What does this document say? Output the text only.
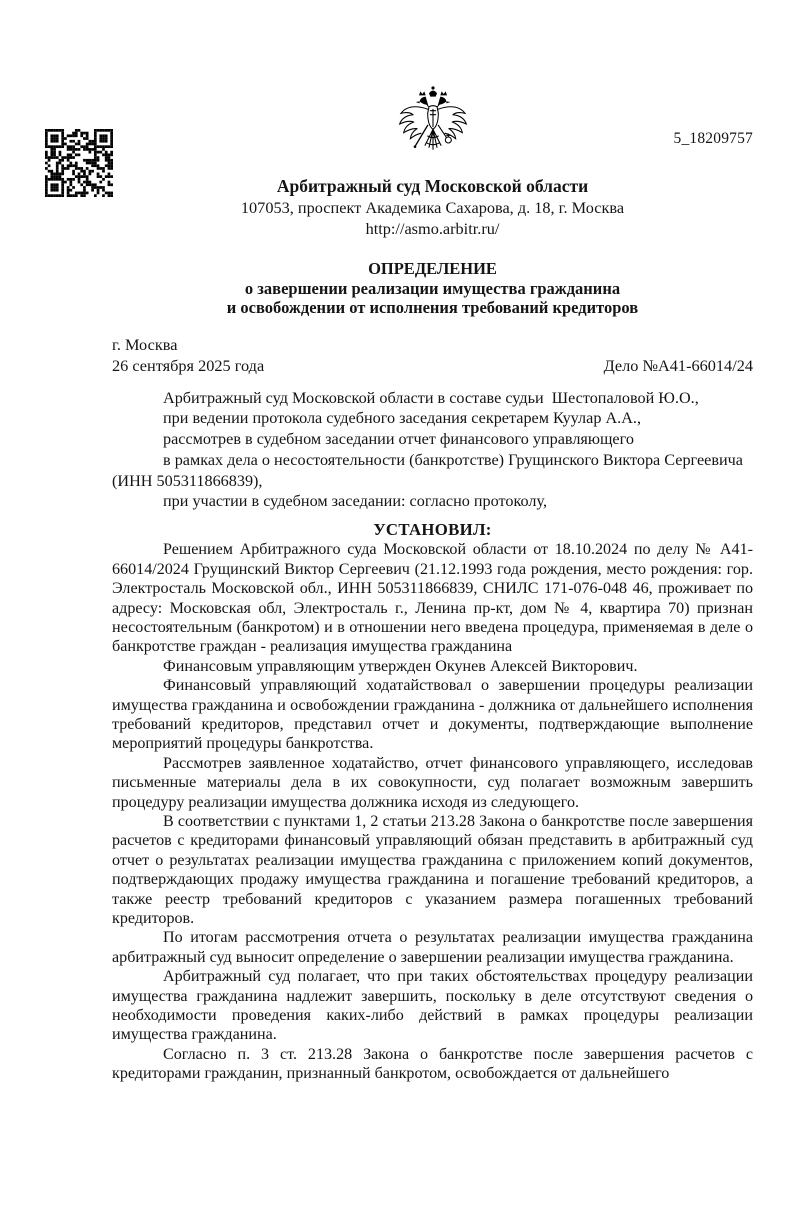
5_18209757
Арбитражный суд Московской области
107053, проспект Академика Сахарова, д. 18, г. Москва
http://asmo.arbitr.ru/
ОПРЕДЕЛЕНИЕ
о завершении реализации имущества гражданина
и освобождении от исполнения требований кредиторов
г. Москва
26 сентября 2025 года	Дело №А41-66014/24

Арбитражный суд Московской области в составе судьи  Шестопаловой Ю.О.,

при ведении протокола судебного заседания секретарем Куулар А.А.,

рассмотрев в судебном заседании отчет финансового управляющего

в рамках дела о несостоятельности (банкротстве) Грущинского Виктора Сергеевича (ИНН 505311866839),

при участии в судебном заседании: согласно протоколу,

УСТАНОВИЛ:

Решением Арбитражного суда Московской области от 18.10.2024 по делу № А41-66014/2024 Грущинский Виктор Сергеевич (21.12.1993 года рождения, место рождения: гор. Электросталь Московской обл., ИНН 505311866839, СНИЛС 171-076-048 46, проживает по адресу: Московская обл, Электросталь г., Ленина пр-кт, дом № 4, квартира 70) признан несостоятельным (банкротом) и в отношении него введена процедура, применяемая в деле о банкротстве граждан - реализация имущества гражданина

Финансовым управляющим утвержден Окунев Алексей Викторович.

Финансовый управляющий ходатайствовал о завершении процедуры реализации имущества гражданина и освобождении гражданина - должника от дальнейшего исполнения требований кредиторов, представил отчет и документы, подтверждающие выполнение мероприятий процедуры банкротства.

Рассмотрев заявленное ходатайство, отчет финансового управляющего, исследовав письменные материалы дела в их совокупности, суд полагает возможным завершить процедуру реализации имущества должника исходя из следующего.

В соответствии с пунктами 1, 2 статьи 213.28 Закона о банкротстве после завершения расчетов с кредиторами финансовый управляющий обязан представить в арбитражный суд отчет о результатах реализации имущества гражданина с приложением копий документов, подтверждающих продажу имущества гражданина и погашение требований кредиторов, а также реестр требований кредиторов с указанием размера погашенных требований кредиторов.

По итогам рассмотрения отчета о результатах реализации имущества гражданина арбитражный суд выносит определение о завершении реализации имущества гражданина.

Арбитражный суд полагает, что при таких обстоятельствах процедуру реализации имущества гражданина надлежит завершить, поскольку в деле отсутствуют сведения о необходимости проведения каких-либо действий в рамках процедуры реализации имущества гражданина.

Согласно п. 3 ст. 213.28 Закона о банкротстве после завершения расчетов с кредиторами гражданин, признанный банкротом, освобождается от дальнейшего
